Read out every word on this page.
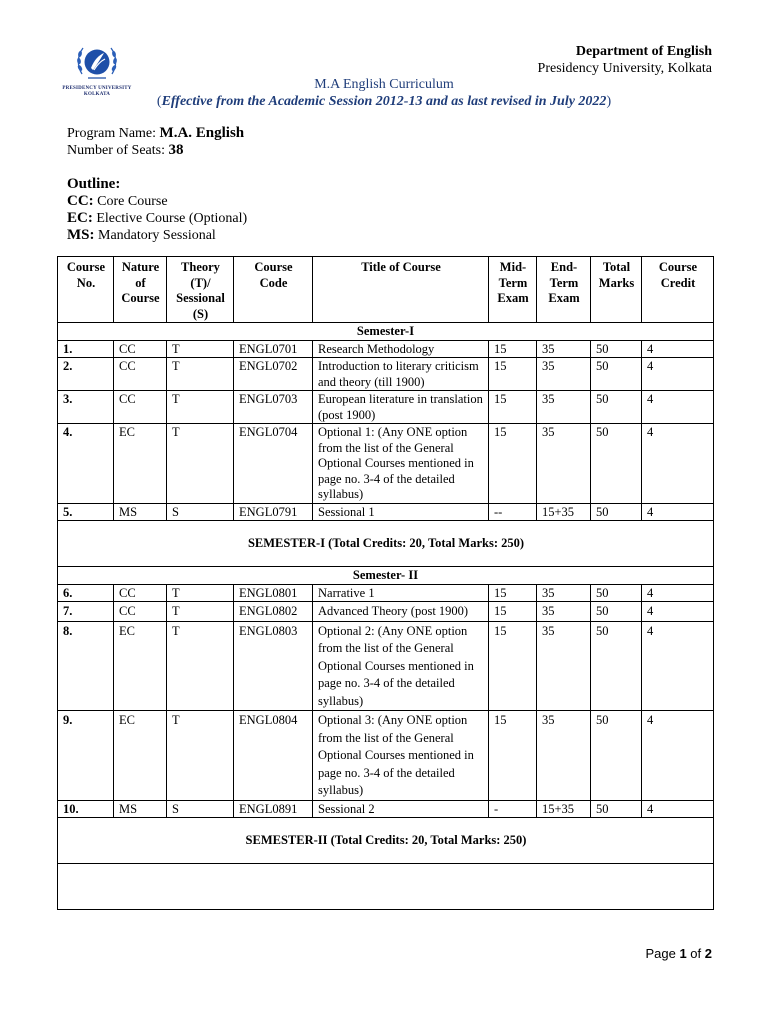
PRESIDENCY UNIVERSITY
KOLKATA
Department of English
Presidency University, Kolkata
M.A English Curriculum
(Effective from the Academic Session 2012-13 and as last revised in July 2022)
Program Name: M.A. English
Number of Seats: 38
Outline:
CC: Core Course
EC: Elective Course (Optional)
MS: Mandatory Sessional
Course No.	Nature of Course	Theory (T)/ Sessional (S)	Course Code	Title of Course	Mid-Term Exam	End-Term Exam	Total Marks	Course Credit
Semester-I								
1.	CC	T	ENGL0701	Research Methodology	15	35	50	4
2.	CC	T	ENGL0702	Introduction to literary criticism and theory (till 1900)	15	35	50	4
3.	CC	T	ENGL0703	European literature in translation (post 1900)	15	35	50	4
4.	EC	T	ENGL0704	Optional 1: (Any ONE option from the list of the General Optional Courses mentioned in page no. 3-4 of the detailed syllabus)	15	35	50	4
5.	MS	S	ENGL0791	Sessional 1	--	15+35	50	4
SEMESTER-I (Total Credits: 20, Total Marks: 250)								
Semester- II								
6.	CC	T	ENGL0801	Narrative 1	15	35	50	4
7.	CC	T	ENGL0802	Advanced Theory (post 1900)	15	35	50	4
8.	EC	T	ENGL0803	Optional 2: (Any ONE option from the list of the General Optional Courses mentioned in page no. 3-4 of the detailed syllabus)	15	35	50	4
9.	EC	T	ENGL0804	Optional 3: (Any ONE option from the list of the General Optional Courses mentioned in page no. 3-4 of the detailed syllabus)	15	35	50	4
10.	MS	S	ENGL0891	Sessional 2	-	15+35	50	4
SEMESTER-II (Total Credits: 20, Total Marks: 250)								

Page 1 of 2
